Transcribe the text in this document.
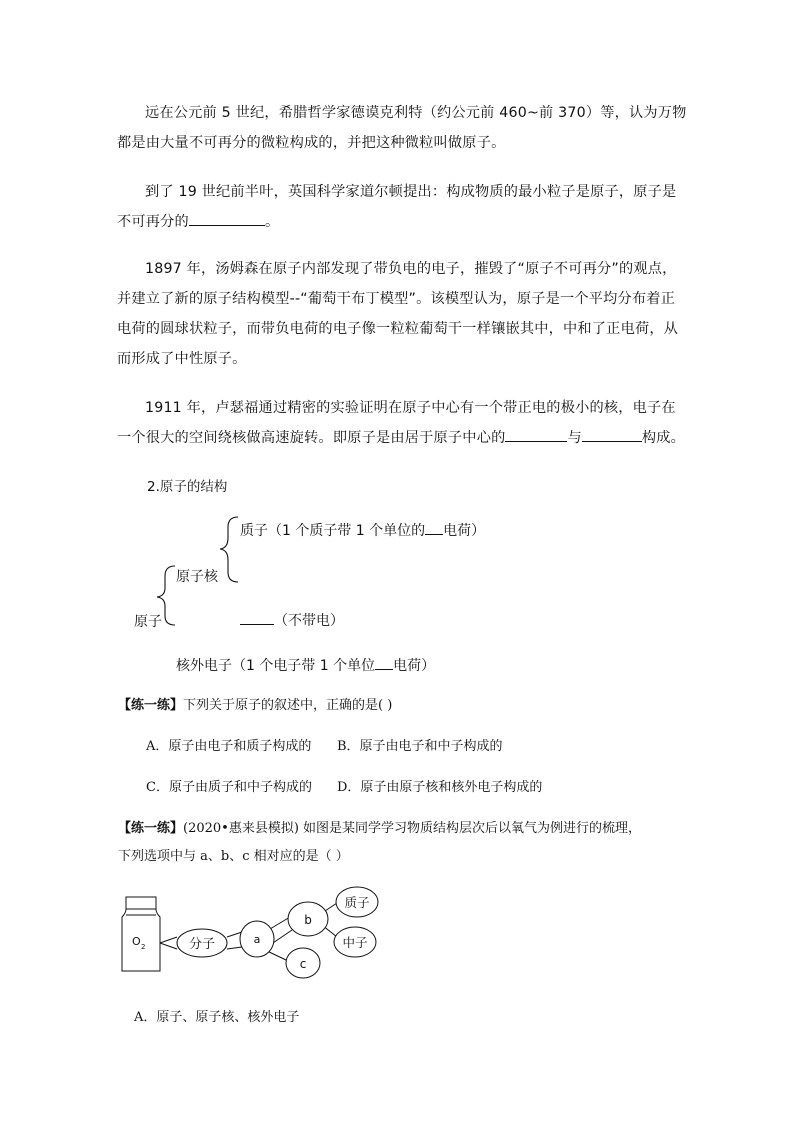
远在公元前 5 世纪，希腊哲学家德谟克利特（约公元前 460~前 370）等，认为万物都是由大量不可再分的微粒构成的，并把这种微粒叫做原子。

到了 19 世纪前半叶，英国科学家道尔顿提出：构成物质的最小粒子是原子，原子是不可再分的	。

1897 年，汤姆森在原子内部发现了带负电的电子，摧毁了“原子不可再分”的观点，并建立了新的原子结构模型--“葡萄干布丁模型”。该模型认为，原子是一个平均分布着正电荷的圆球状粒子，而带负电荷的电子像一粒粒葡萄干一样镶嵌其中，中和了正电荷，从而形成了中性原子。

1911 年，卢瑟福通过精密的实验证明在原子中心有一个带正电的极小的核，电子在一个很大的空间绕核做高速旋转。即原子是由居于原子中心的	与	构成。

2.原子的结构
质子（1 个质子带 1 个单位的 电荷）
原子核
原子	（不带电）
核外电子（1 个电子带 1 个单位 电荷）
【练一练】下列关于原子的叙述中，正确的是( )
A．原子由电子和质子构成的 B．原子由电子和中子构成的
C．原子由质子和中子构成的 D．原子由原子核和核外电子构成的
【练一练】(2020•惠来县模拟) 如图是某同学学习物质结构层次后以氧气为例进行的梳理，
下列选项中与 a、b、c 相对应的是（ ）
O 2	分子	a
b
c
质子
中子
A．原子、原子核、核外电子
